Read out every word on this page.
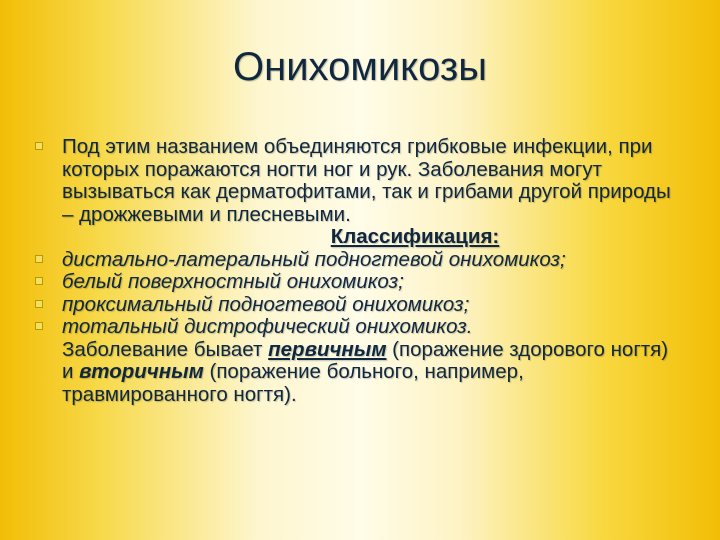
Онихомикозы
Под этим названием объединяются грибковые инфекции, при которых поражаются ногти ног и рук. Заболевания могут вызываться как дерматофитами, так и грибами другой природы – дрожжевыми и плесневыми.
Классификация:
дистально-латеральный подногтевой онихомикоз;
белый поверхностный онихомикоз;
проксимальный подногтевой онихомикоз;
тотальный дистрофический онихомикоз.
Заболевание бывает первичным (поражение здорового ногтя) и вторичным (поражение больного, например, травмированного ногтя).
